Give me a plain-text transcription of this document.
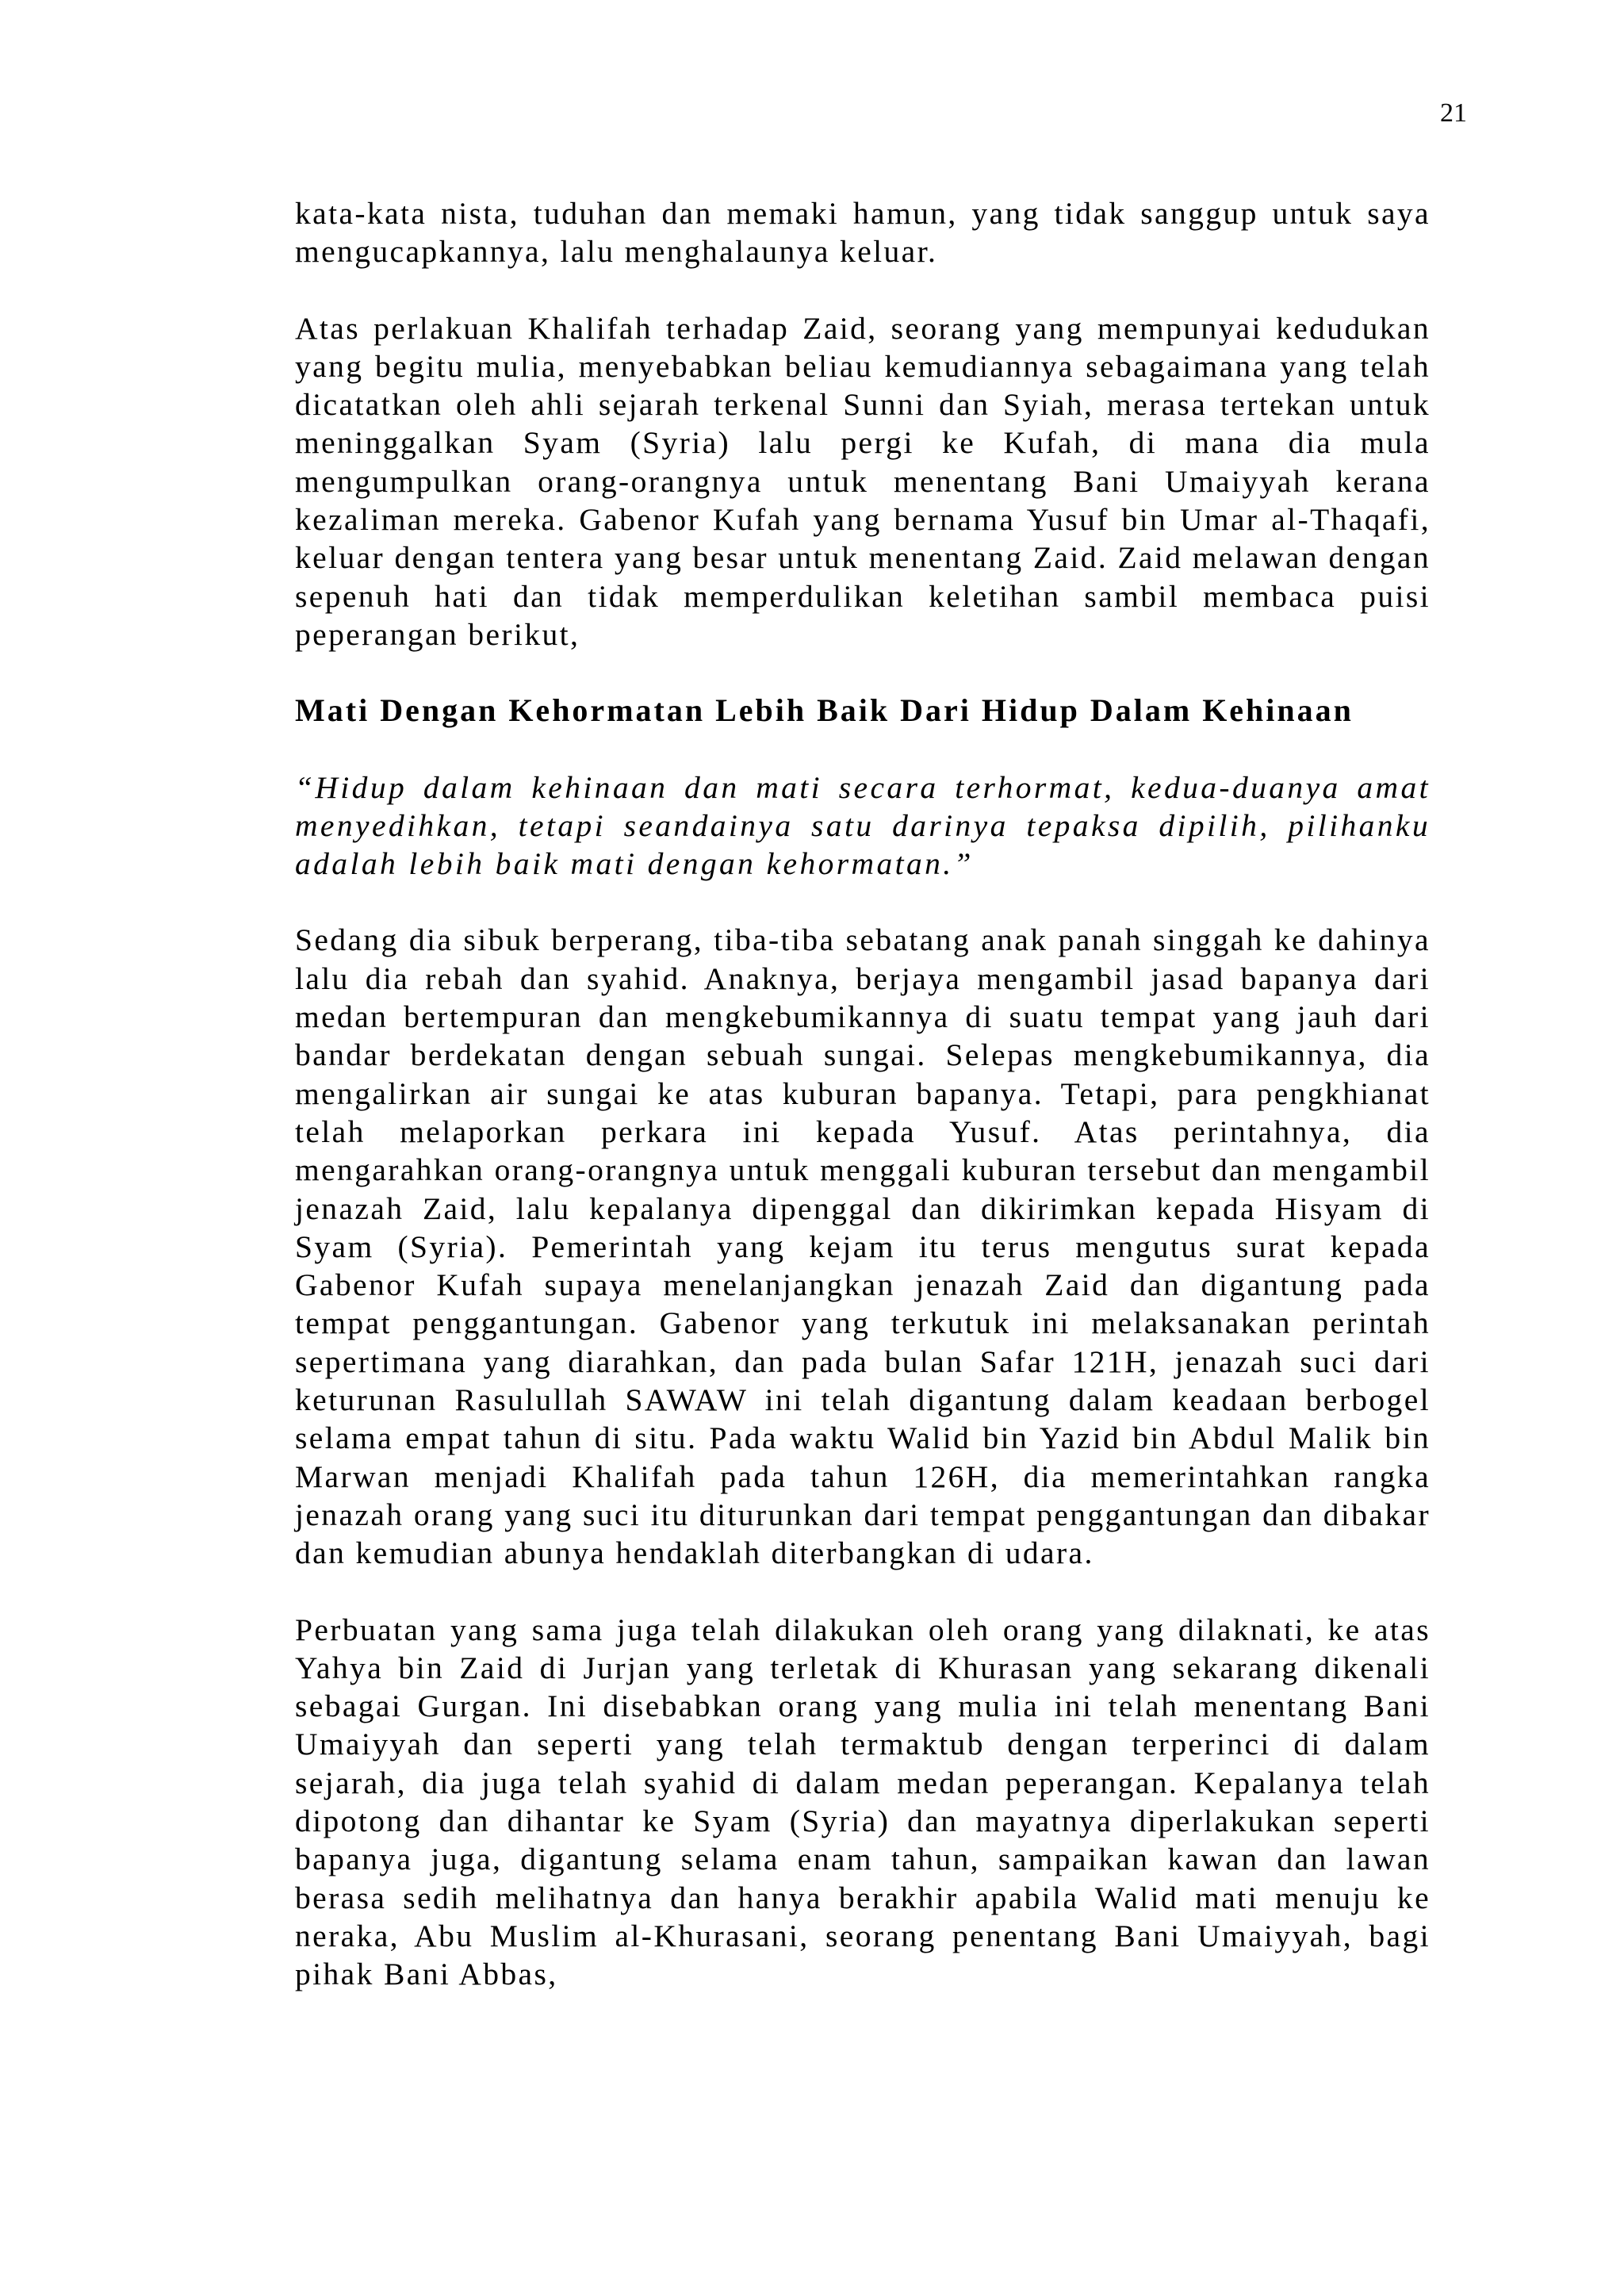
21

kata-kata nista, tuduhan dan memaki hamun, yang tidak sanggup untuk saya mengucapkannya, lalu menghalaunya keluar.

Atas perlakuan Khalifah terhadap Zaid, seorang yang mempunyai kedudukan yang begitu mulia, menyebabkan beliau kemudiannya sebagaimana yang telah dicatatkan oleh ahli sejarah terkenal Sunni dan Syiah, merasa tertekan untuk meninggalkan Syam (Syria) lalu pergi ke Kufah, di mana dia mula mengumpulkan orang-orangnya untuk menentang Bani Umaiyyah kerana kezaliman mereka. Gabenor Kufah yang bernama Yusuf bin Umar al-Thaqafi, keluar dengan tentera yang besar untuk menentang Zaid. Zaid melawan dengan sepenuh hati dan tidak memperdulikan keletihan sambil membaca puisi peperangan berikut,

Mati Dengan Kehormatan Lebih Baik Dari Hidup Dalam Kehinaan

“Hidup dalam kehinaan dan mati secara terhormat, kedua-duanya amat menyedihkan, tetapi seandainya satu darinya tepaksa dipilih, pilihanku adalah lebih baik mati dengan kehormatan.”

Sedang dia sibuk berperang, tiba-tiba sebatang anak panah singgah ke dahinya lalu dia rebah dan syahid. Anaknya, berjaya mengambil jasad bapanya dari medan bertempuran dan mengkebumikannya di suatu tempat yang jauh dari bandar berdekatan dengan sebuah sungai. Selepas mengkebumikannya, dia mengalirkan air sungai ke atas kuburan bapanya. Tetapi, para pengkhianat telah melaporkan perkara ini kepada Yusuf. Atas perintahnya, dia mengarahkan orang-orangnya untuk menggali kuburan tersebut dan mengambil jenazah Zaid, lalu kepalanya dipenggal dan dikirimkan kepada Hisyam di Syam (Syria). Pemerintah yang kejam itu terus mengutus surat kepada Gabenor Kufah supaya menelanjangkan jenazah Zaid dan digantung pada tempat penggantungan. Gabenor yang terkutuk ini melaksanakan perintah sepertimana yang diarahkan, dan pada bulan Safar 121H, jenazah suci dari keturunan Rasulullah SAWAW ini telah digantung dalam keadaan berbogel selama empat tahun di situ. Pada waktu Walid bin Yazid bin Abdul Malik bin Marwan menjadi Khalifah pada tahun 126H, dia memerintahkan rangka jenazah orang yang suci itu diturunkan dari tempat penggantungan dan dibakar dan kemudian abunya hendaklah diterbangkan di udara.

Perbuatan yang sama juga telah dilakukan oleh orang yang dilaknati, ke atas Yahya bin Zaid di Jurjan yang terletak di Khurasan yang sekarang dikenali sebagai Gurgan. Ini disebabkan orang yang mulia ini telah menentang Bani Umaiyyah dan seperti yang telah termaktub dengan terperinci di dalam sejarah, dia juga telah syahid di dalam medan peperangan. Kepalanya telah dipotong dan dihantar ke Syam (Syria) dan mayatnya diperlakukan seperti bapanya juga, digantung selama enam tahun, sampaikan kawan dan lawan berasa sedih melihatnya dan hanya berakhir apabila Walid mati menuju ke neraka, Abu Muslim al-Khurasani, seorang penentang Bani Umaiyyah, bagi pihak Bani Abbas,
